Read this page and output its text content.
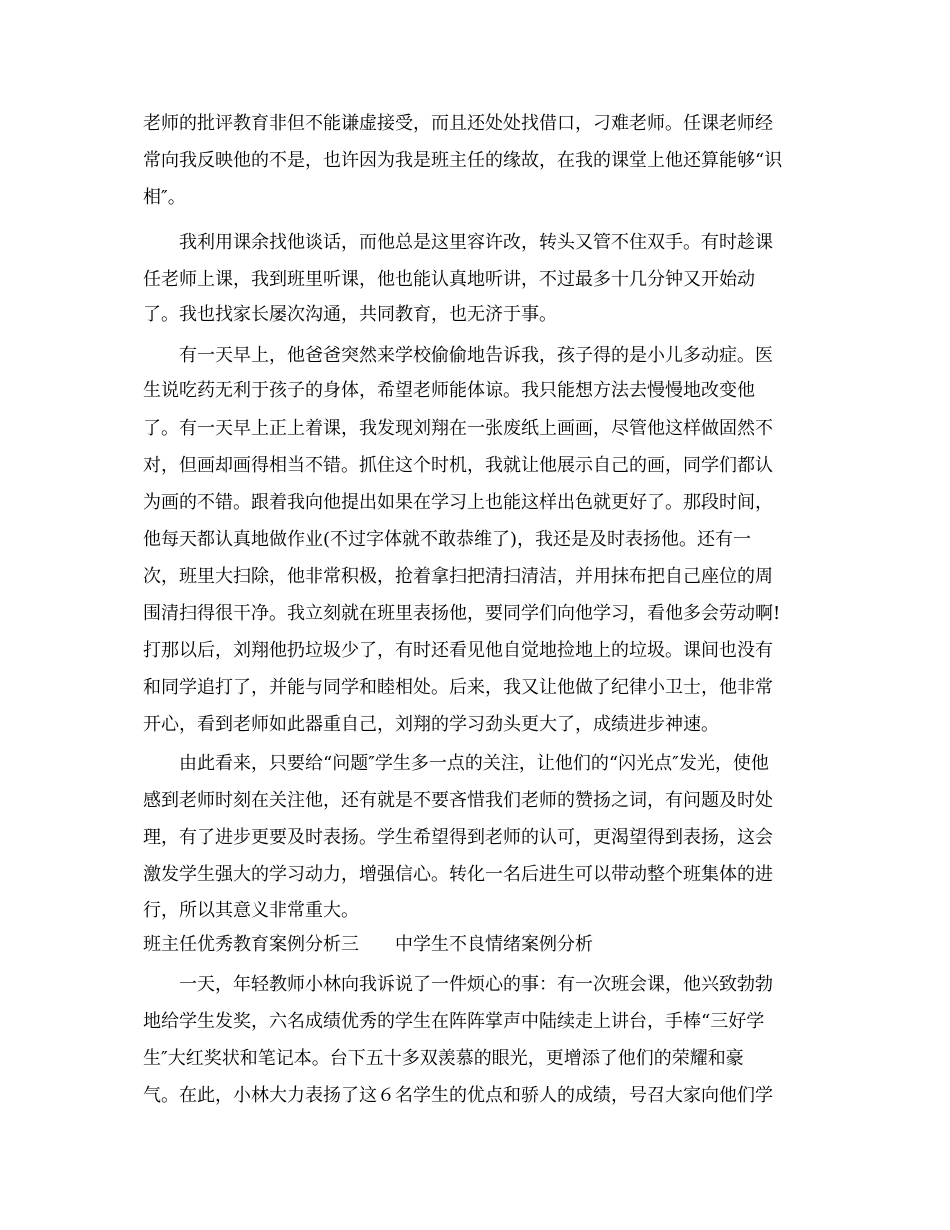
老师的批评教育非但不能谦虚接受，而且还处处找借口，刁难老师。任课老师经
常向我反映他的不是，也许因为我是班主任的缘故，在我的课堂上他还算能够“识
相″。
我利用课余找他谈话，而他总是这里容许改，转头又管不住双手。有时趁课
任老师上课，我到班里听课，他也能认真地听讲，不过最多十几分钟又开始动
了。我也找家长屡次沟通，共同教育，也无济于事。
有一天早上，他爸爸突然来学校偷偷地告诉我，孩子得的是小儿多动症。医
生说吃药无利于孩子的身体，希望老师能体谅。我只能想方法去慢慢地改变他
了。有一天早上正上着课，我发现刘翔在一张废纸上画画，尽管他这样做固然不
对，但画却画得相当不错。抓住这个时机，我就让他展示自己的画，同学们都认
为画的不错。跟着我向他提出如果在学习上也能这样出色就更好了。那段时间，
他每天都认真地做作业(不过字体就不敢恭维了)，我还是及时表扬他。还有一
次，班里大扫除，他非常积极，抢着拿扫把清扫清洁，并用抹布把自己座位的周
围清扫得很干净。我立刻就在班里表扬他，要同学们向他学习，看他多会劳动啊!
打那以后，刘翔他扔垃圾少了，有时还看见他自觉地捡地上的垃圾。课间也没有
和同学追打了，并能与同学和睦相处。后来，我又让他做了纪律小卫士，他非常
开心，看到老师如此器重自己，刘翔的学习劲头更大了，成绩进步神速。
由此看来，只要给“问题″学生多一点的关注，让他们的“闪光点″发光，使他
感到老师时刻在关注他，还有就是不要吝惜我们老师的赞扬之词，有问题及时处
理，有了进步更要及时表扬。学生希望得到老师的认可，更渴望得到表扬，这会
激发学生强大的学习动力，增强信心。转化一名后进生可以带动整个班集体的进
行，所以其意义非常重大。
班主任优秀教育案例分析三　　中学生不良情绪案例分析
一天，年轻教师小林向我诉说了一件烦心的事：有一次班会课，他兴致勃勃
地给学生发奖，六名成绩优秀的学生在阵阵掌声中陆续走上讲台，手棒“三好学
生″大红奖状和笔记本。台下五十多双羡慕的眼光，更增添了他们的荣耀和豪
气。在此，小林大力表扬了这６名学生的优点和骄人的成绩，号召大家向他们学
